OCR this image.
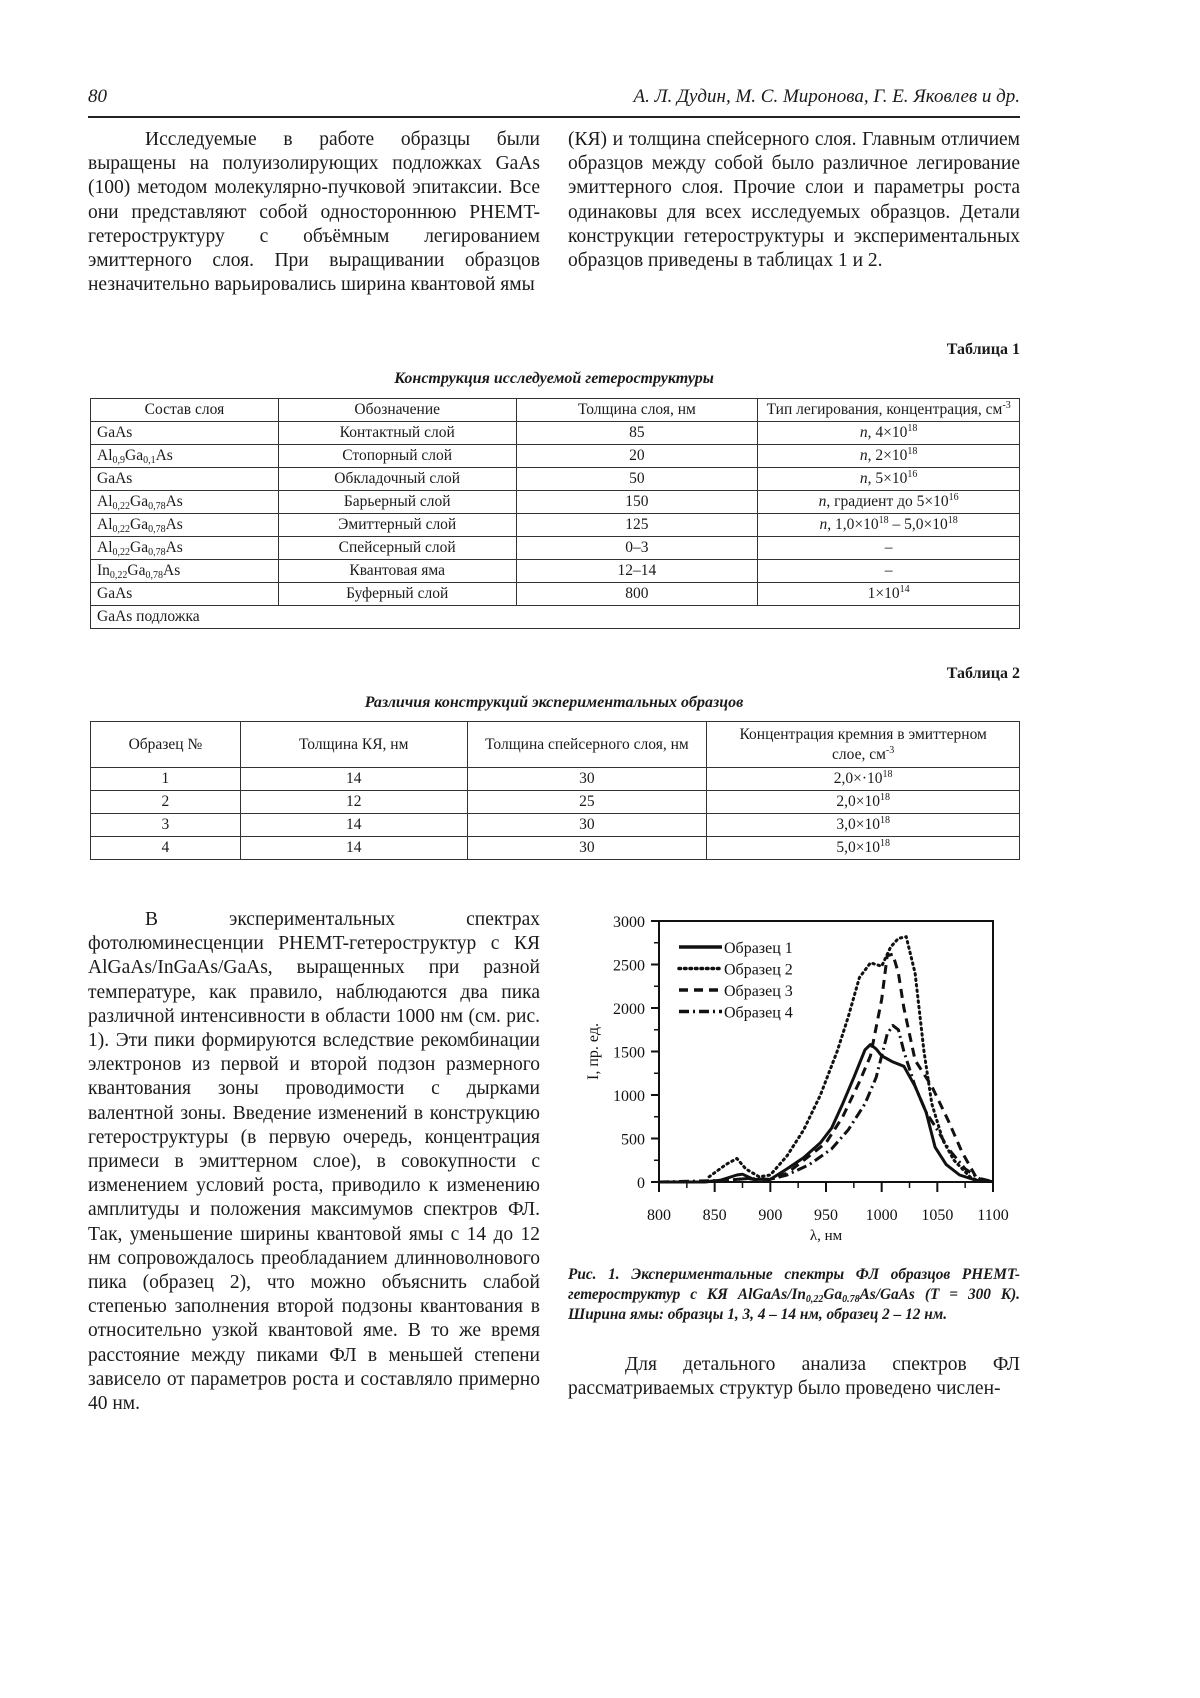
80	А. Л. Дудин, М. С. Миронова, Г. Е. Яковлев и др.

Исследуемые в работе образцы были выращены на полуизолирующих подложках GaAs (100) методом молекулярно-пучковой эпитаксии. Все они представляют собой одностороннюю PHEMT-гетероструктуру с объёмным легированием эмиттерного слоя. При выращивании образцов незначительно варьировались ширина квантовой ямы

(КЯ) и толщина спейсерного слоя. Главным отличием образцов между собой было различное легирование эмиттерного слоя. Прочие слои и параметры роста одинаковы для всех исследуемых образцов. Детали конструкции гетероструктуры и экспериментальных образцов приведены в таблицах 1 и 2.

Таблица 1
Конструкция исследуемой гетероструктуры
Состав слоя	Обозначение	Толщина слоя, нм	Тип легирования, концентрация, $см^{-3}$
GaAs	Контактный слой	85	n, $4\times 10^{18}$
$Al_{0,9}Ga_{0,1}As$	Стопорный слой	20	n, $2\times 10^{18}$
GaAs	Обкладочный слой	50	n, $5\times 10^{16}$
$Al_{0,22}Ga_{0,78}As$	Барьерный слой	150	n, градиент до $5\times 10^{16}$
$Al_{0,22}Ga_{0,78}As$	Эмиттерный слой	125	n, $1,0\times 10^{18} - 5,0\times 10^{18}$
$Al_{0,22}Ga_{0,78}As$	Спейсерный слой	0–3	–
$In_{0,22}Ga_{0,78}As$	Квантовая яма	12–14	–
GaAs	Буферный слой	800	$1\times 10^{14}$
GaAs подложка			
Таблица 2
Различия конструкций экспериментальных образцов
Образец №	Толщина КЯ, нм	Толщина спейсерного слоя, нм	Концентрация кремния в эмиттерном слое, $см^{-3}$
1	14	30	$2,0\times\cdot 10^{18}$
2	12	25	$2,0\times 10^{18}$
3	14	30	$3,0\times 10^{18}$
4	14	30	$5,0\times 10^{18}$

В экспериментальных спектрах фотолюминесценции PHEMT-гетероструктур с КЯ AlGaAs/InGaAs/GaAs, выращенных при разной температуре, как правило, наблюдаются два пика различной интенсивности в области 1000 нм (см. рис. 1). Эти пики формируются вследствие рекомбинации электронов из первой и второй подзон размерного квантования зоны проводимости с дырками валентной зоны. Введение изменений в конструкцию гетероструктуры (в первую очередь, концентрация примеси в эмиттерном слое), в совокупности с изменением условий роста, приводило к изменению амплитуды и положения максимумов спектров ФЛ. Так, уменьшение ширины квантовой ямы с 14 до 12 нм сопровождалось преобладанием длинноволнового пика (образец 2), что можно объяснить слабой степенью заполнения второй подзоны квантования в относительно узкой квантовой яме. В то же время расстояние между пиками ФЛ в меньшей степени зависело от параметров роста и составляло примерно 40 нм.

0
500
1000
1500
2000
2500
3000
800 850 900 950 1000 1050 1100
λ, нм
I, пр. ед.
Образец 1
Образец 2
Образец 3
Образец 4
Рис. 1. Экспериментальные спектры ФЛ образцов PHEMT-гетероструктур с КЯ AlGaAs/$In_{0,22}Ga_{0.78}As$/GaAs (T = 300 K). Ширина ямы: образцы 1, 3, 4 – 14 нм, образец 2 – 12 нм.

Для детального анализа спектров ФЛ рассматриваемых структур было проведено числен-
